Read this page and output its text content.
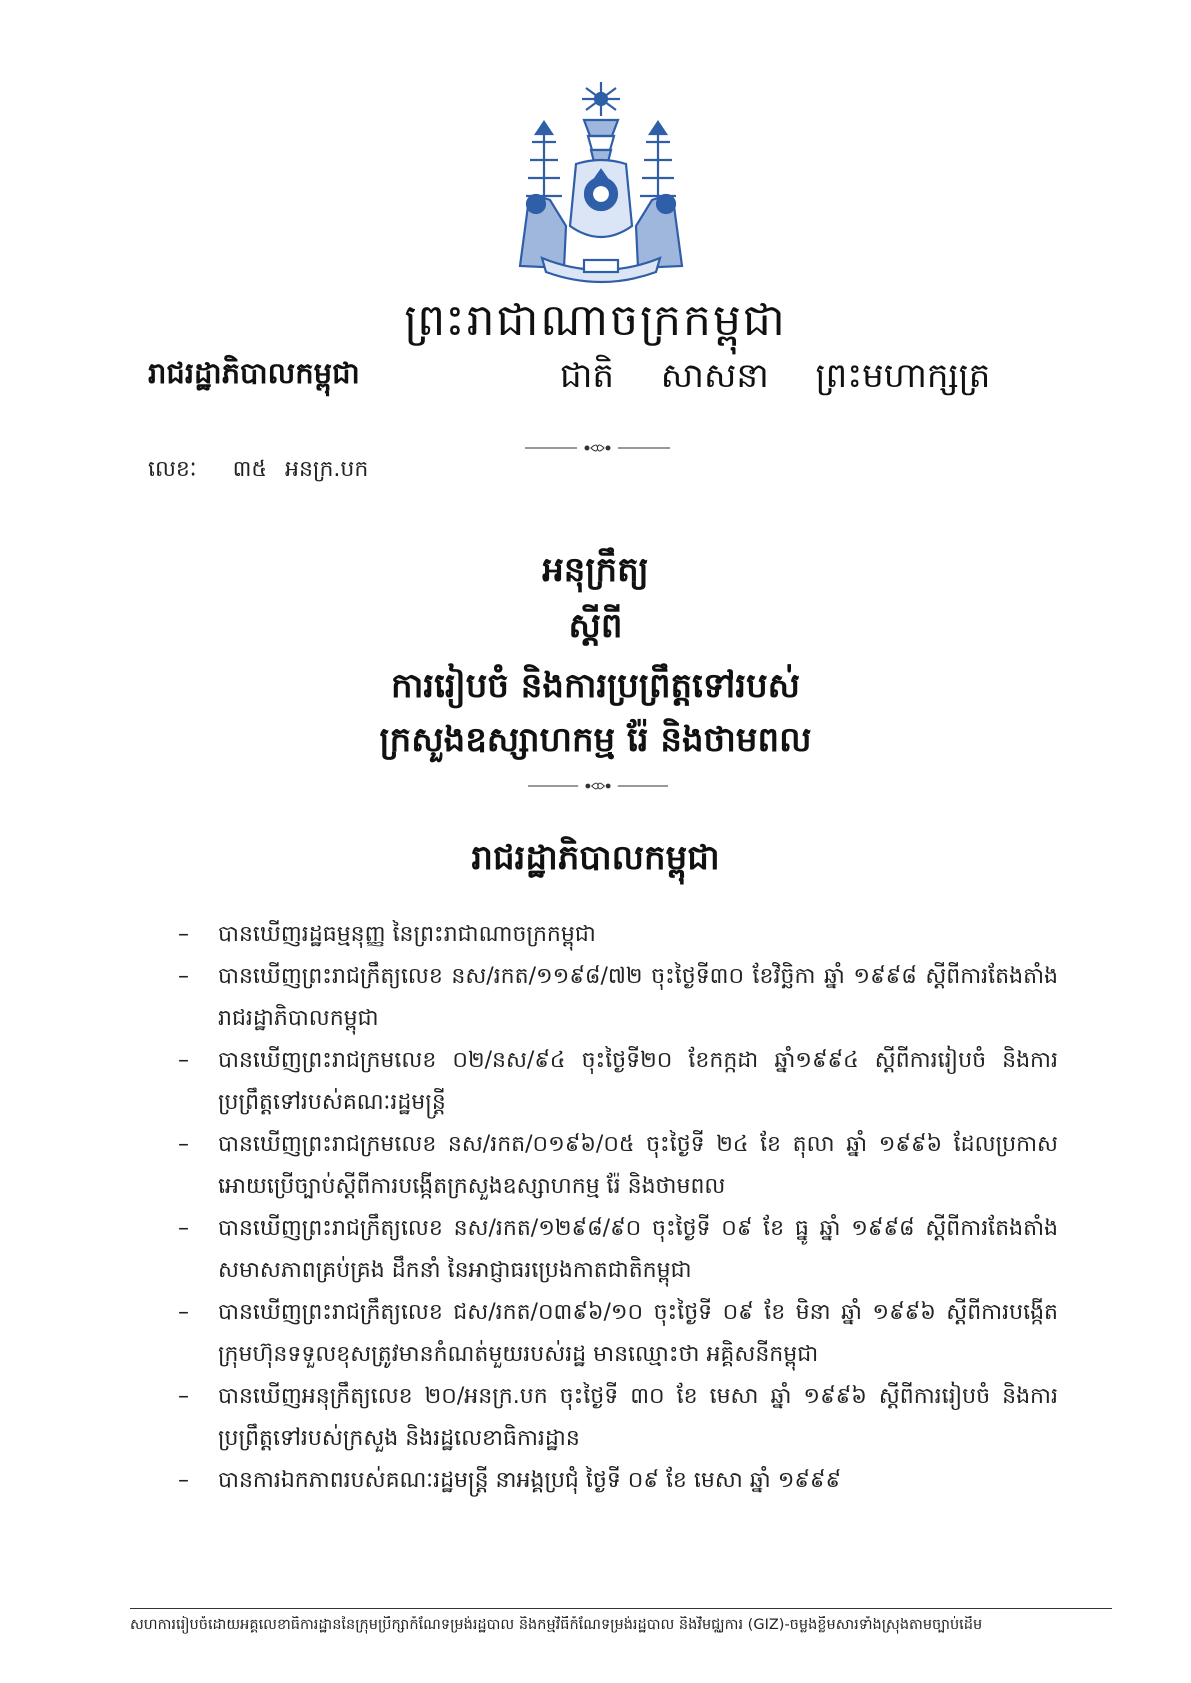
ព្រះរាជាណាចក្រកម្ពុជា
រាជរដ្ឋាភិបាលកម្ពុជា	ជាតិ សាសនា ព្រះមហាក្សត្រ
លេខៈ ៣៥ អនក្រ.បក
អនុក្រឹត្យ
ស្តីពី
ការរៀបចំ និងការប្រព្រឹត្តទៅរបស់
ក្រសួងឧស្សាហកម្ម រ៉ែ និងថាមពល
រាជរដ្ឋាភិបាលកម្ពុជា
– បានឃើញរដ្ឋធម្មនុញ្ញ នៃព្រះរាជាណាចក្រកម្ពុជា
– បានឃើញព្រះរាជក្រឹត្យលេខ នស/រកត/១១៩៨/៧២ ចុះថ្ងៃទី៣០ ខែវិច្ឆិកា ឆ្នាំ ១៩៩៨ ស្តីពីការតែងតាំងរាជរដ្ឋាភិបាលកម្ពុជា
– បានឃើញព្រះរាជក្រមលេខ ០២/នស/៩៤ ចុះថ្ងៃទី២០ ខែកក្កដា ឆ្នាំ១៩៩៤ ស្តីពីការរៀបចំ និងការប្រព្រឹត្តទៅរបស់គណៈរដ្ឋមន្ត្រី
– បានឃើញព្រះរាជក្រមលេខ នស/រកត/០១៩៦/០៥ ចុះថ្ងៃទី ២៤ ខែ តុលា ឆ្នាំ ១៩៩៦ ដែលប្រកាសអោយប្រើច្បាប់ស្តីពីការបង្កើតក្រសួងឧស្សាហកម្ម រ៉ែ និងថាមពល
– បានឃើញព្រះរាជក្រឹត្យលេខ នស/រកត/១២៩៨/៩០ ចុះថ្ងៃទី ០៩ ខែ ធ្នូ ឆ្នាំ ១៩៩៨ ស្តីពីការតែងតាំងសមាសភាពគ្រប់គ្រង ដឹកនាំ នៃអាជ្ញាធរប្រេងកាតជាតិកម្ពុជា
– បានឃើញព្រះរាជក្រឹត្យលេខ ជស/រកត/០៣៩៦/១០ ចុះថ្ងៃទី ០៩ ខែ មិនា ឆ្នាំ ១៩៩៦ ស្តីពីការបង្កើតក្រុមហ៊ុនទទួលខុសត្រូវមានកំណត់មួយរបស់រដ្ឋ មានឈ្មោះថា អគ្គិសនីកម្ពុជា
– បានឃើញអនុក្រឹត្យលេខ ២០/អនក្រ.បក ចុះថ្ងៃទី ៣០ ខែ មេសា ឆ្នាំ ១៩៩៦ ស្តីពីការរៀបចំ និងការប្រព្រឹត្តទៅរបស់ក្រសួង និងរដ្ឋលេខាធិការដ្ឋាន
– បានការឯកភាពរបស់គណៈរដ្ឋមន្ត្រី នាអង្គប្រជុំ ថ្ងៃទី ០៩ ខែ មេសា ឆ្នាំ ១៩៩៩
សហការរៀបចំដោយអគ្គលេខាធិការដ្ឋាននៃក្រុមប្រឹក្សាកំណែទម្រង់រដ្ឋបាល និងកម្មវិធីកំណែទម្រង់រដ្ឋបាល និងវិមជ្ឈការ (GIZ)-ចម្លងខ្លឹមសារទាំងស្រុងតាមច្បាប់ដើម
